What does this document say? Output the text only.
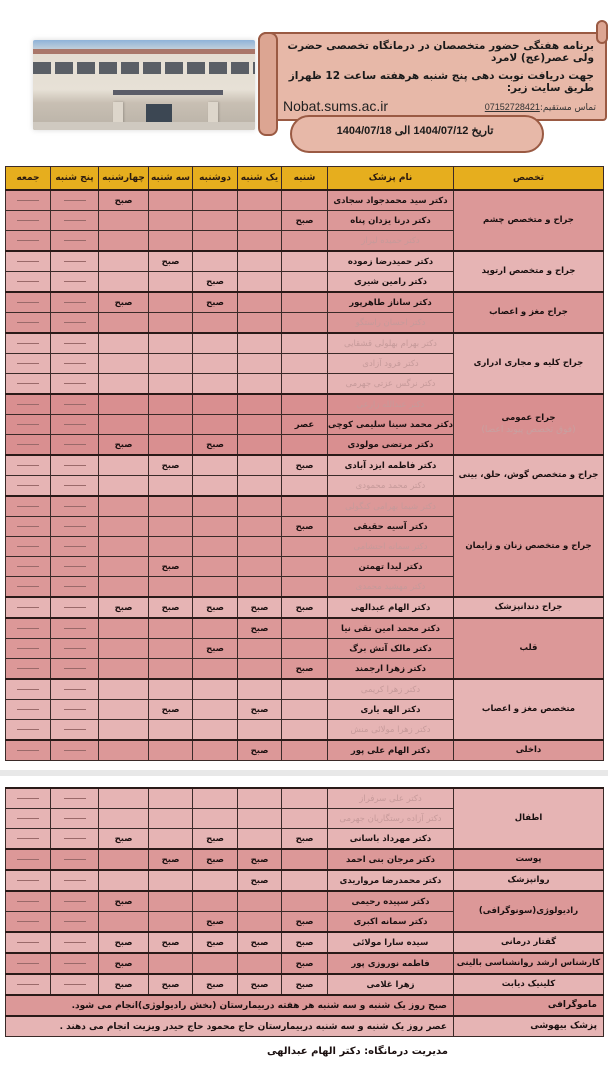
برنامه هفتگی حضور متخصصان در درمانگاه تخصصی حضرت ولی عصر(عج) لامرد
جهت دریافت نوبت دهی پنج شنبه هرهفته ساعت 12 ظهراز طریق سایت زیر:
Nobat.sums.ac.ir	تماس مستقیم:07152728421
تاریخ 1404/07/12 الی 1404/07/18
تخصص	نام پزشک	شنبه	یک شنبه	دوشنبه	سه شنبه	چهارشنبه	پنج شنبه	جمعه
جراح و متخصص چشم	دکتر سید محمدجواد سجادی					صبح		
	دکتر درنا یزدان پناه	صبح						
	دکتر حمیده لیراز							
جراح و متخصص ارتوپد	دکتر حمیدرضا زموده				صبح			
	دکتر رامین شیری			صبح				
جراح مغز و اعصاب	دکتر ساناز طاهرپور			صبح		صبح		
	دکتر احسان راستگو							
جراح کلیه و مجاری ادراری	دکتر بهرام بهلولی قشقایی							
	دکتر فرود آزادی							
	دکتر نرگس عزتی جهرمی							
جراح عمومی
(فوق تخصص پیوند اعضا)	دکتر عبدالله زارعی							
	دکتر محمد سینا سلیمی کوچی	عصر						
	دکتر مرتضی مولودی			صبح		صبح		
جراح و متخصص گوش، حلق، بینی	دکتر فاطمه ایزد آبادی	صبح			صبح			
	دکتر محمد محمودی							
جراح و متخصص زنان و زایمان	دکتر شیما بهرامی کنگولی							
	دکتر آسیه حقیقی	صبح						
	دکتر سمانه احتشامی							
	دکتر لیدا تهمتن				صبح			
	دکتر مهشید محمدی							
جراح دندانپزشک	دکتر الهام عبدالهی	صبح	صبح	صبح	صبح	صبح		
قلب	دکتر محمد امین تقی نیا		صبح					
	دکتر مالک آتش برگ			صبح				
	دکتر زهرا ارجمند	صبح						
متخصص مغز و اعصاب	دکتر زهرا کریمی							
	دکتر الهه یاری		صبح		صبح			
	دکتر زهرا مولائی منش							
داخلی	دکتر الهام علی پور		صبح					
اطفال	دکتر علی سرفراز							
	دکتر آزاده رستگاریان جهرمی							
	دکتر مهرداد باسانی	صبح		صبح		صبح		
پوست	دکتر مرجان بنی احمد		صبح	صبح	صبح			
روانپزشک	دکتر محمدرضا مرواریدی		صبح					
رادیولوژی(سونوگرافی)	دکتر سپیده رحیمی					صبح		
	دکتر سمانه اکبری	صبح		صبح				
گفتار درمانی	سیده سارا مولائی	صبح	صبح	صبح	صبح	صبح		
کارشناس ارشد روانشناسی بالینی	فاطمه نوروزی پور	صبح				صبح		
کلینیک دیابت	زهرا غلامی	صبح	صبح	صبح	صبح	صبح		
ماموگرافی	صبح روز یک شنبه و سه شنبه هر هفته دربیمارستان (بخش رادیولوژی)انجام می شود.							
پزشک بیهوشی	عصر روز یک شنبه و سه شنبه دربیمارستان حاج محمود حاج حیدر ویزیت انجام می دهند .							
مدیریت درمانگاه: دکتر الهام عبدالهی
